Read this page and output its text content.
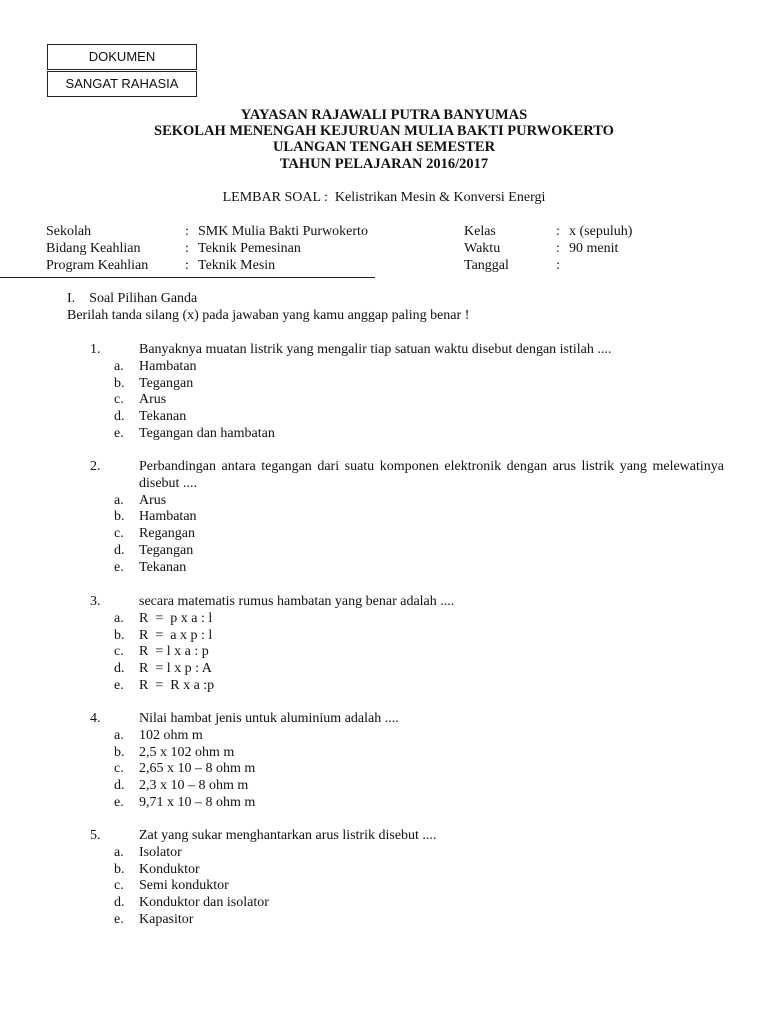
DOKUMEN
SANGAT RAHASIA
YAYASAN RAJAWALI PUTRA BANYUMAS
SEKOLAH MENENGAH KEJURUAN MULIA BAKTI PURWOKERTO
ULANGAN TENGAH SEMESTER
TAHUN PELAJARAN 2016/2017
LEMBAR SOAL : Kelistrikan Mesin & Konversi Energi
Sekolah	: SMK Mulia Bakti Purwokerto	Kelas	: x (sepuluh)
Bidang Keahlian	: Teknik Pemesinan	Waktu	: 90 menit
Program Keahlian	: Teknik Mesin	Tanggal	:
I. Soal Pilihan Ganda
Berilah tanda silang (x) pada jawaban yang kamu anggap paling benar !
1.	Banyaknya muatan listrik yang mengalir tiap satuan waktu disebut dengan istilah ....
a. Hambatan
b. Tegangan
c. Arus
d. Tekanan
e. Tegangan dan hambatan
2.	Perbandingan antara tegangan dari suatu komponen elektronik dengan arus listrik yang melewatinya disebut ....
a. Arus
b. Hambatan
c. Regangan
d. Tegangan
e. Tekanan
3.	secara matematis rumus hambatan yang benar adalah ....
a. R  =  p x a : l
b. R  =  a x p : l
c. R  = l x a : p
d. R  = l x p : A
e. R  =  R x a :p
4.	Nilai hambat jenis untuk aluminium adalah ....
a. 102 ohm m
b. 2,5 x 102 ohm m
c. 2,65 x 10 – 8 ohm m
d. 2,3 x 10 – 8 ohm m
e. 9,71 x 10 – 8 ohm m
5.	Zat yang sukar menghantarkan arus listrik disebut ....
a. Isolator
b. Konduktor
c. Semi konduktor
d. Konduktor dan isolator
e. Kapasitor
